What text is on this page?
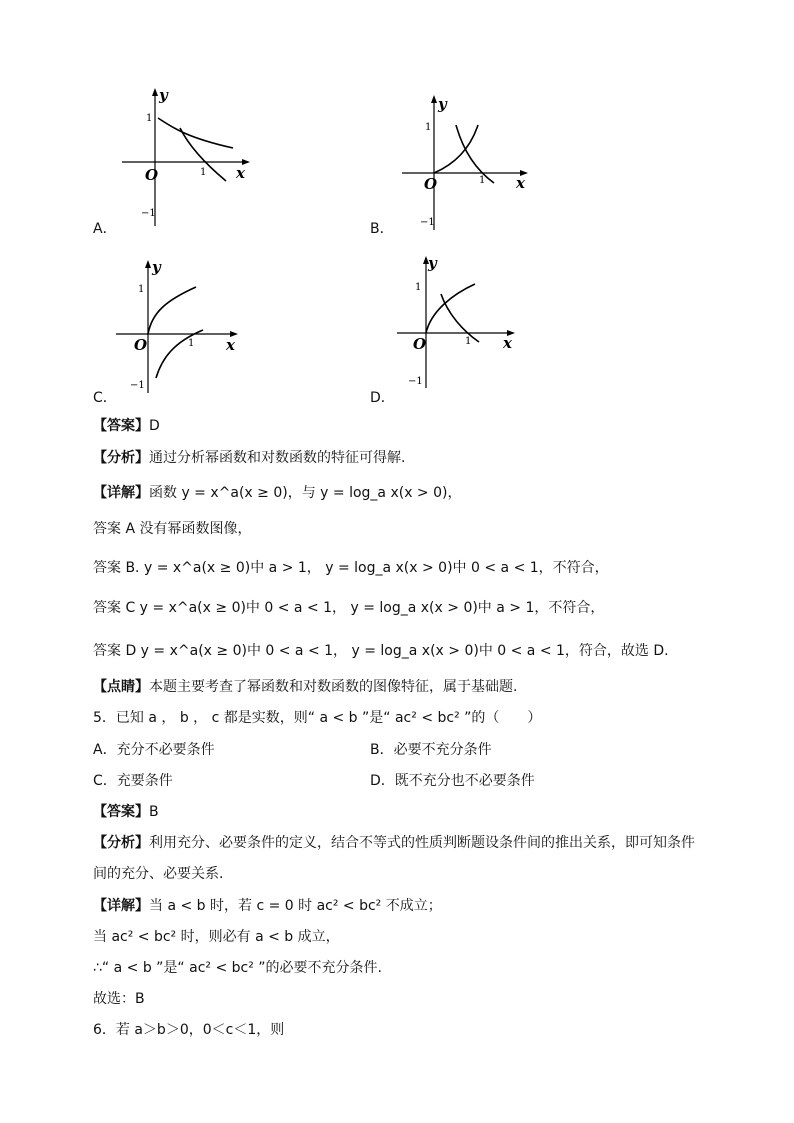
y
x
O
1
1
−1
A．
y
x
O
1
1
−1
B．
y
x
O
1
1
−1
C．
y
x
O
1
1
−1
D．
【答案】D
【分析】通过分析幂函数和对数函数的特征可得解.
【详解】函数 y = x^a(x ≥ 0)，与 y = log_a x(x > 0)，
答案 A 没有幂函数图像，
答案 B. y = x^a(x ≥ 0)中 a > 1， y = log_a x(x > 0)中 0 < a < 1，不符合，
答案 C y = x^a(x ≥ 0)中 0 < a < 1， y = log_a x(x > 0)中 a > 1，不符合，
答案 D y = x^a(x ≥ 0)中 0 < a < 1， y = log_a x(x > 0)中 0 < a < 1，符合，故选 D.
【点睛】本题主要考查了幂函数和对数函数的图像特征，属于基础题.
5．已知 a ， b ， c 都是实数，则“ a < b ”是“ ac² < bc² ”的（　　）
A．充分不必要条件	B．必要不充分条件
C．充要条件	D．既不充分也不必要条件
【答案】B
【分析】利用充分、必要条件的定义，结合不等式的性质判断题设条件间的推出关系，即可知条件
间的充分、必要关系.
【详解】当 a < b 时，若 c = 0 时 ac² < bc² 不成立；
当 ac² < bc² 时，则必有 a < b 成立，
∴“ a < b ”是“ ac² < bc² ”的必要不充分条件.
故选：B
6．若 a＞b＞0，0＜c＜1，则
